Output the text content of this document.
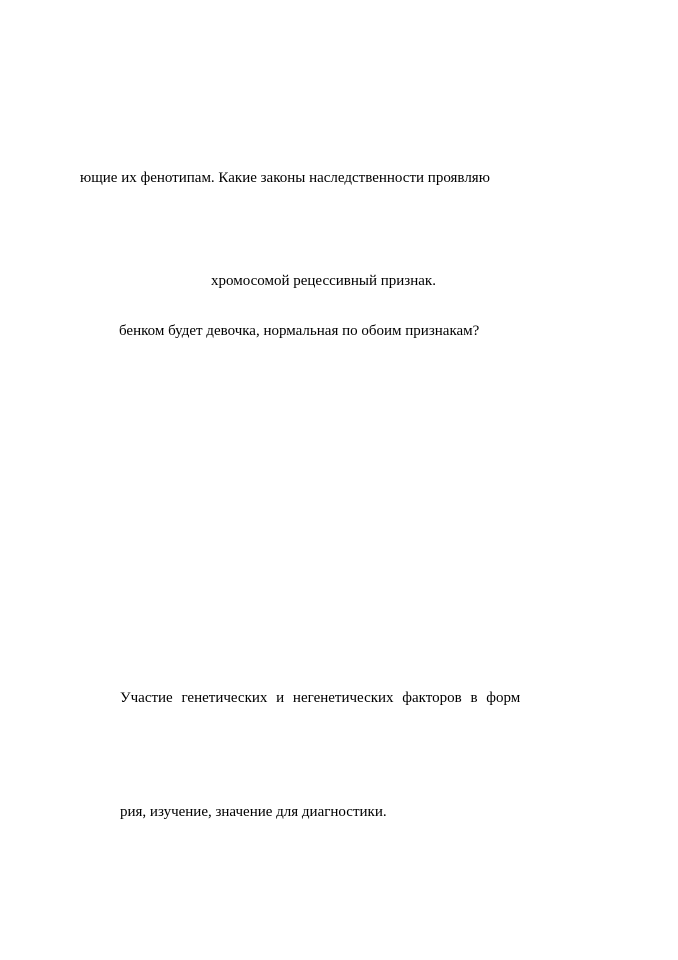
ющие их фенотипам. Какие законы наследственности проявляю
хромосомой рецессивный признак.
бенком будет девочка, нормальная по обоим признакам?
Участие генетических и негенетических факторов в форм
рия, изучение, значение для диагностики.
